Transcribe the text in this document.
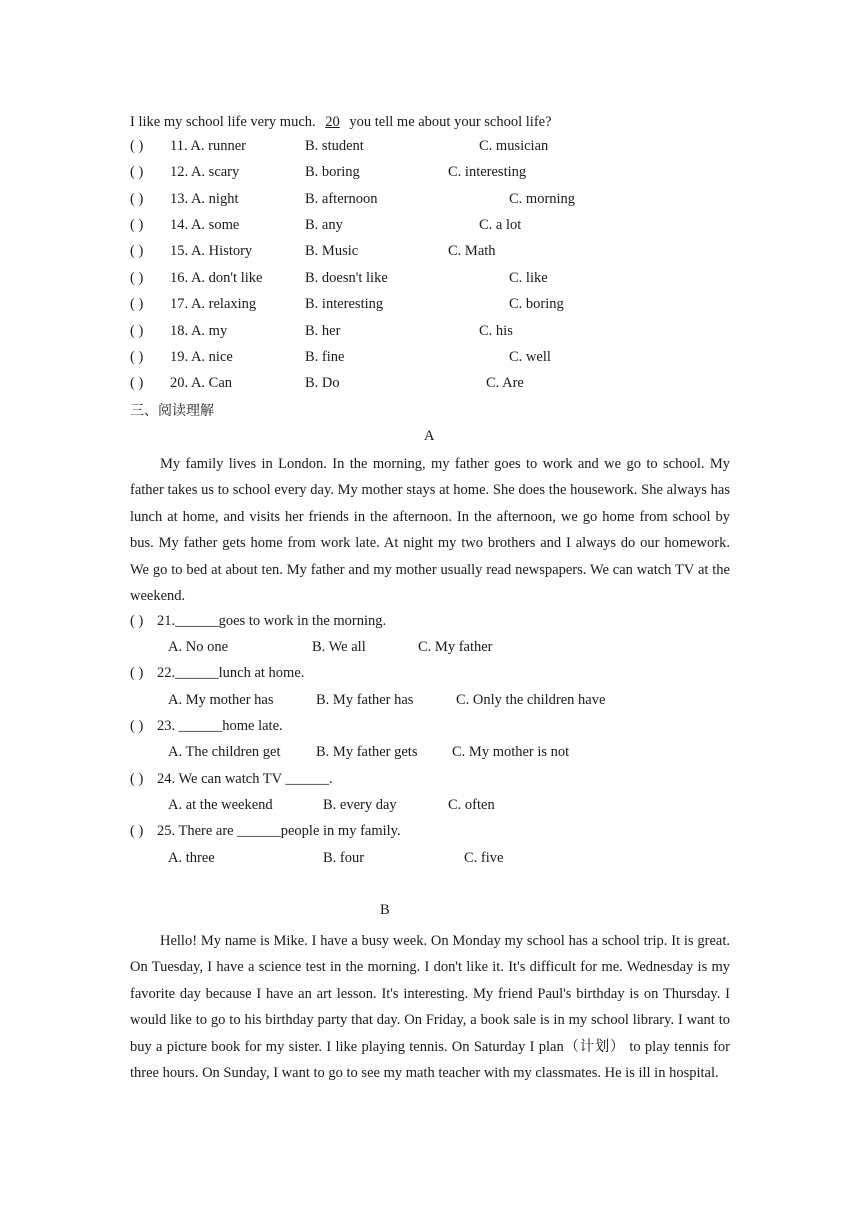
I like my school life very much. 20 you tell me about your school life?
( ) 11. A. runner	B. student	C. musician
( ) 12. A. scary	B. boring	C. interesting
( ) 13. A. night	B. afternoon	C. morning
( ) 14. A. some	B. any	C. a lot
( ) 15. A. History	B. Music	C. Math
( ) 16. A. don't like	B. doesn't like	C. like
( ) 17. A. relaxing	B. interesting	C. boring
( ) 18. A. my	B. her	C. his
( ) 19. A. nice	B. fine	C. well
( ) 20. A. Can	B. Do	C. Are
三、阅读理解
A
My family lives in London. In the morning, my father goes to work and we go to school. My father takes us to school every day. My mother stays at home. She does the housework. She always has lunch at home, and visits her friends in the afternoon. In the afternoon, we go home from school by bus. My father gets home from work late. At night my two brothers and I always do our homework. We go to bed at about ten. My father and my mother usually read newspapers. We can watch TV at the weekend.
( ) 21.______goes to work in the morning.
A. No one	B. We all	C. My father
( ) 22.______lunch at home.
A. My mother has	B. My father has	C. Only the children have
( ) 23. ______home late.
A. The children get B. My father gets C. My mother is not
( ) 24. We can watch TV ______.
A. at the weekend	B. every day	C. often
( ) 25. There are ______people in my family.
A. three	B. four	C. five
B
Hello! My name is Mike. I have a busy week. On Monday my school has a school trip. It is great. On Tuesday, I have a science test in the morning. I don't like it. It's difficult for me. Wednesday is my favorite day because I have an art lesson. It's interesting. My friend Paul's birthday is on Thursday. I would like to go to his birthday party that day. On Friday, a book sale is in my school library. I want to buy a picture book for my sister. I like playing tennis. On Saturday I plan（计划） to play tennis for three hours. On Sunday, I want to go to see my math teacher with my classmates. He is ill in hospital.
